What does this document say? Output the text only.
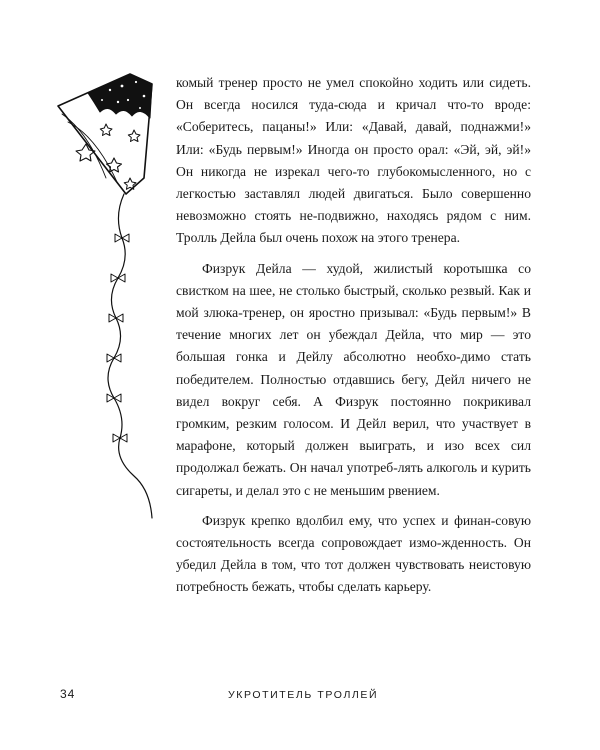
комый тренер просто не умел спокойно ходить или сидеть. Он всегда носился туда-сюда и кричал что-то вроде: «Соберитесь, пацаны!» Или: «Давай, давай, поднажми!» Или: «Будь первым!» Иногда он просто орал: «Эй, эй, эй!» Он никогда не изрекал чего-то глубокомысленного, но с легкостью заставлял людей двигаться. Было совершенно невозможно стоять не-подвижно, находясь рядом с ним. Тролль Дейла был очень похож на этого тренера.

Физрук Дейла — худой, жилистый коротышка со свистком на шее, не столько быстрый, сколько резвый. Как и мой злюка-тренер, он яростно призывал: «Будь первым!» В течение многих лет он убеждал Дейла, что мир — это большая гонка и Дейлу абсолютно необхо-димо стать победителем. Полностью отдавшись бегу, Дейл ничего не видел вокруг себя. А Физрук постоянно покрикивал громким, резким голосом. И Дейл верил, что участвует в марафоне, который должен выиграть, и изо всех сил продолжал бежать. Он начал употреб-лять алкоголь и курить сигареты, и делал это с не меньшим рвением.

Физрук крепко вдолбил ему, что успех и финан-совую состоятельность всегда сопровождает измо-жденность. Он убедил Дейла в том, что тот должен чувствовать неистовую потребность бежать, чтобы сделать карьеру.

34	УКРОТИТЕЛЬ ТРОЛЛЕЙ
